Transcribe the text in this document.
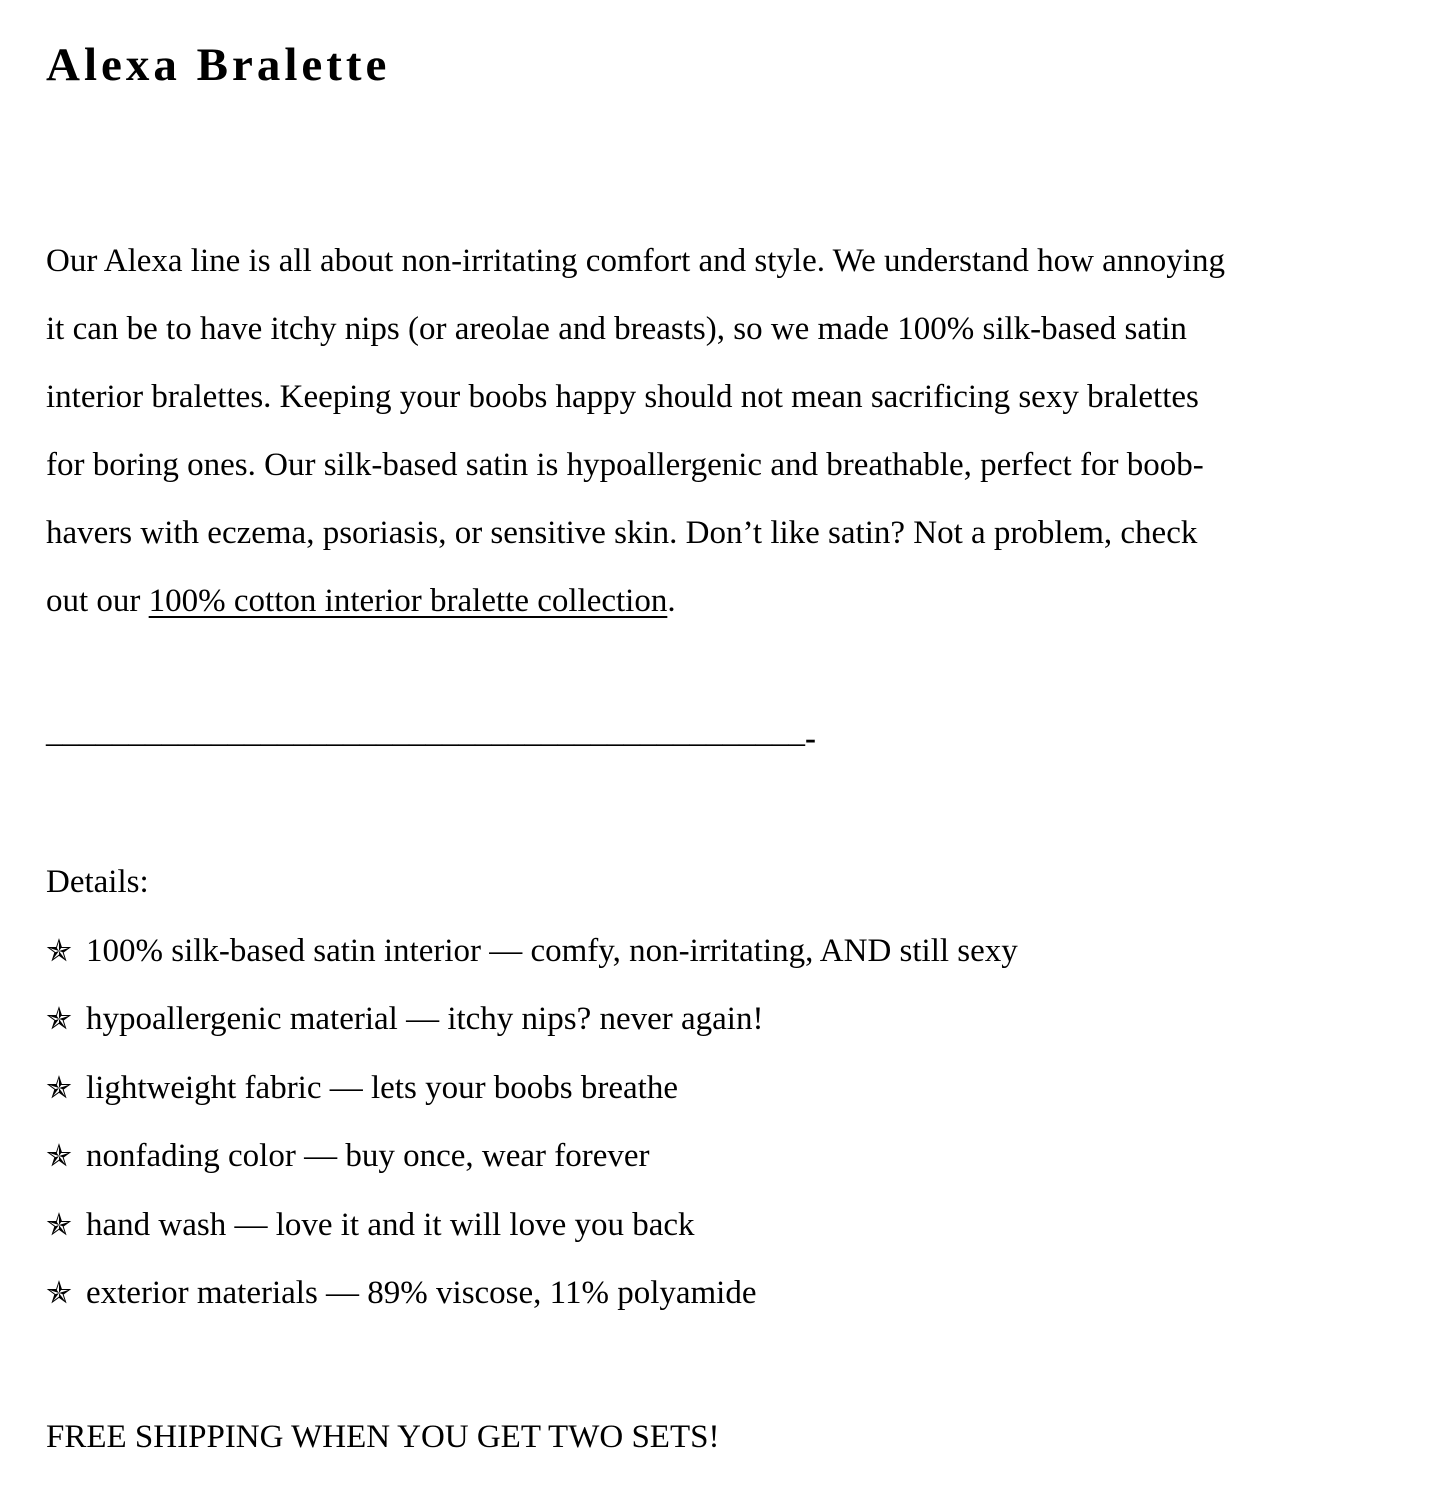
Alexa Bralette
Our Alexa line is all about non-irritating comfort and style. We understand how annoying
it can be to have itchy nips (or areolae and breasts), so we made 100% silk-based satin
interior bralettes. Keeping your boobs happy should not mean sacrificing sexy bralettes
for boring ones. Our silk-based satin is hypoallergenic and breathable, perfect for boob-
havers with eczema, psoriasis, or sensitive skin. Don’t like satin? Not a problem, check
out our 100% cotton interior bralette collection.
______________________________________________-
Details:
✯ 100% silk-based satin interior — comfy, non-irritating, AND still sexy
✯ hypoallergenic material — itchy nips? never again!
✯ lightweight fabric — lets your boobs breathe
✯ nonfading color — buy once, wear forever
✯ hand wash — love it and it will love you back
✯ exterior materials — 89% viscose, 11% polyamide
FREE SHIPPING WHEN YOU GET TWO SETS!
